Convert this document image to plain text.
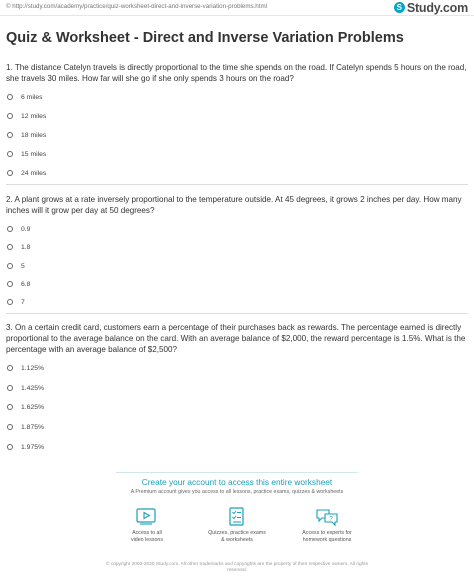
© http://study.com/academy/practice/quiz-worksheet-direct-and-inverse-variation-problems.html	S Study.com
Quiz & Worksheet - Direct and Inverse Variation Problems
1. The distance Catelyn travels is directly proportional to the time she spends on the road. If Catelyn spends 5 hours on the road, she travels 30 miles. How far will she go if she only spends 3 hours on the road?
6 miles
12 miles
18 miles
15 miles
24 miles
2. A plant grows at a rate inversely proportional to the temperature outside. At 45 degrees, it grows 2 inches per day. How many inches will it grow per day at 50 degrees?
0.9
1.8
5
6.8
7
3. On a certain credit card, customers earn a percentage of their purchases back as rewards. The percentage earned is directly proportional to the average balance on the card. With an average balance of $2,000, the reward percentage is 1.5%. What is the percentage with an average balance of $2,500?
1.125%
1.425%
1.625%
1.875%
1.975%
Create your account to access this entire worksheet
A Premium account gives you access to all lessons, practice exams, quizzes & worksheets
Access to all
video lessons
Quizzes, practice exams
& worksheets
?
Access to experts for
homework questions
© copyright 2003-2020 Study.com. All other trademarks and copyrights are the property of their respective owners. All rights
reserved.
